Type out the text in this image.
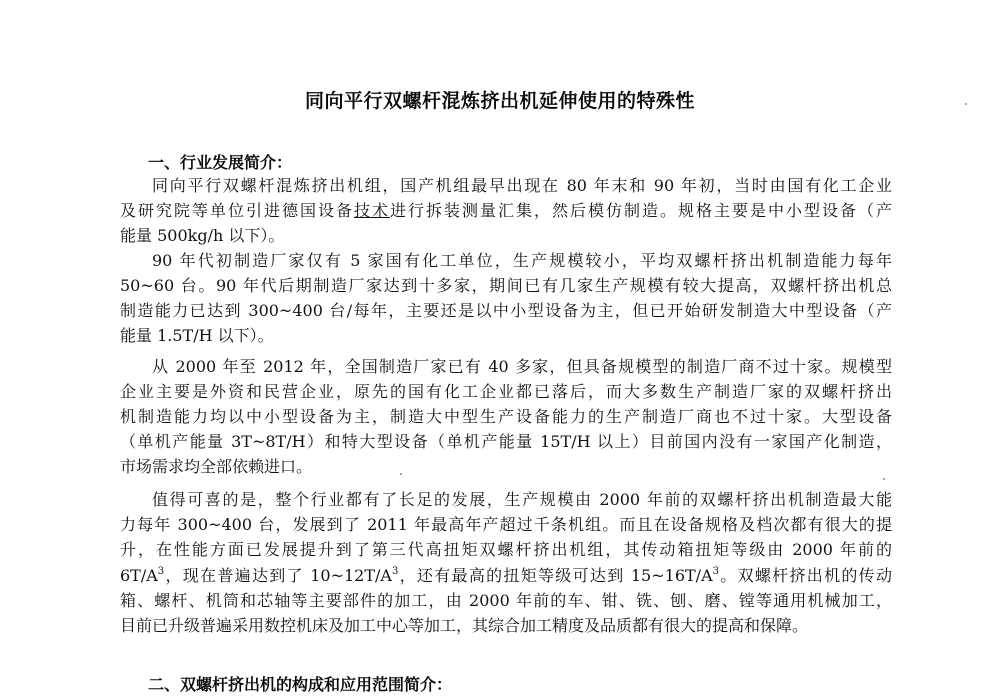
同向平行双螺杆混炼挤出机延伸使用的特殊性
一、行业发展简介：
同向平行双螺杆混炼挤出机组，国产机组最早出现在 80 年末和 90 年初，当时由国有化工企业
及研究院等单位引进德国设备技术进行拆装测量汇集，然后模仿制造。规格主要是中小型设备（产
能量 500kg/h 以下）。
90 年代初制造厂家仅有 5 家国有化工单位，生产规模较小，平均双螺杆挤出机制造能力每年
50~60 台。90 年代后期制造厂家达到十多家，期间已有几家生产规模有较大提高，双螺杆挤出机总
制造能力已达到 300~400 台/每年，主要还是以中小型设备为主，但已开始研发制造大中型设备（产
能量 1.5T/H 以下）。
从 2000 年至 2012 年，全国制造厂家已有 40 多家，但具备规模型的制造厂商不过十家。规模型
企业主要是外资和民营企业，原先的国有化工企业都已落后，而大多数生产制造厂家的双螺杆挤出
机制造能力均以中小型设备为主，制造大中型生产设备能力的生产制造厂商也不过十家。大型设备
（单机产能量 3T~8T/H）和特大型设备（单机产能量 15T/H 以上）目前国内没有一家国产化制造，
市场需求均全部依赖进口。
值得可喜的是，整个行业都有了长足的发展，生产规模由 2000 年前的双螺杆挤出机制造最大能
力每年 300~400 台，发展到了 2011 年最高年产超过千条机组。而且在设备规格及档次都有很大的提
升，在性能方面已发展提升到了第三代高扭矩双螺杆挤出机组，其传动箱扭矩等级由 2000 年前的
$6T/A^3$，现在普遍达到了 $10\sim 12T/A^3$，还有最高的扭矩等级可达到 $15\sim 16T/A^3$。双螺杆挤出机的传动
箱、螺杆、机筒和芯轴等主要部件的加工，由 2000 年前的车、钳、铣、刨、磨、镗等通用机械加工，
目前已升级普遍采用数控机床及加工中心等加工，其综合加工精度及品质都有很大的提高和保障。
二、双螺杆挤出机的构成和应用范围简介：
